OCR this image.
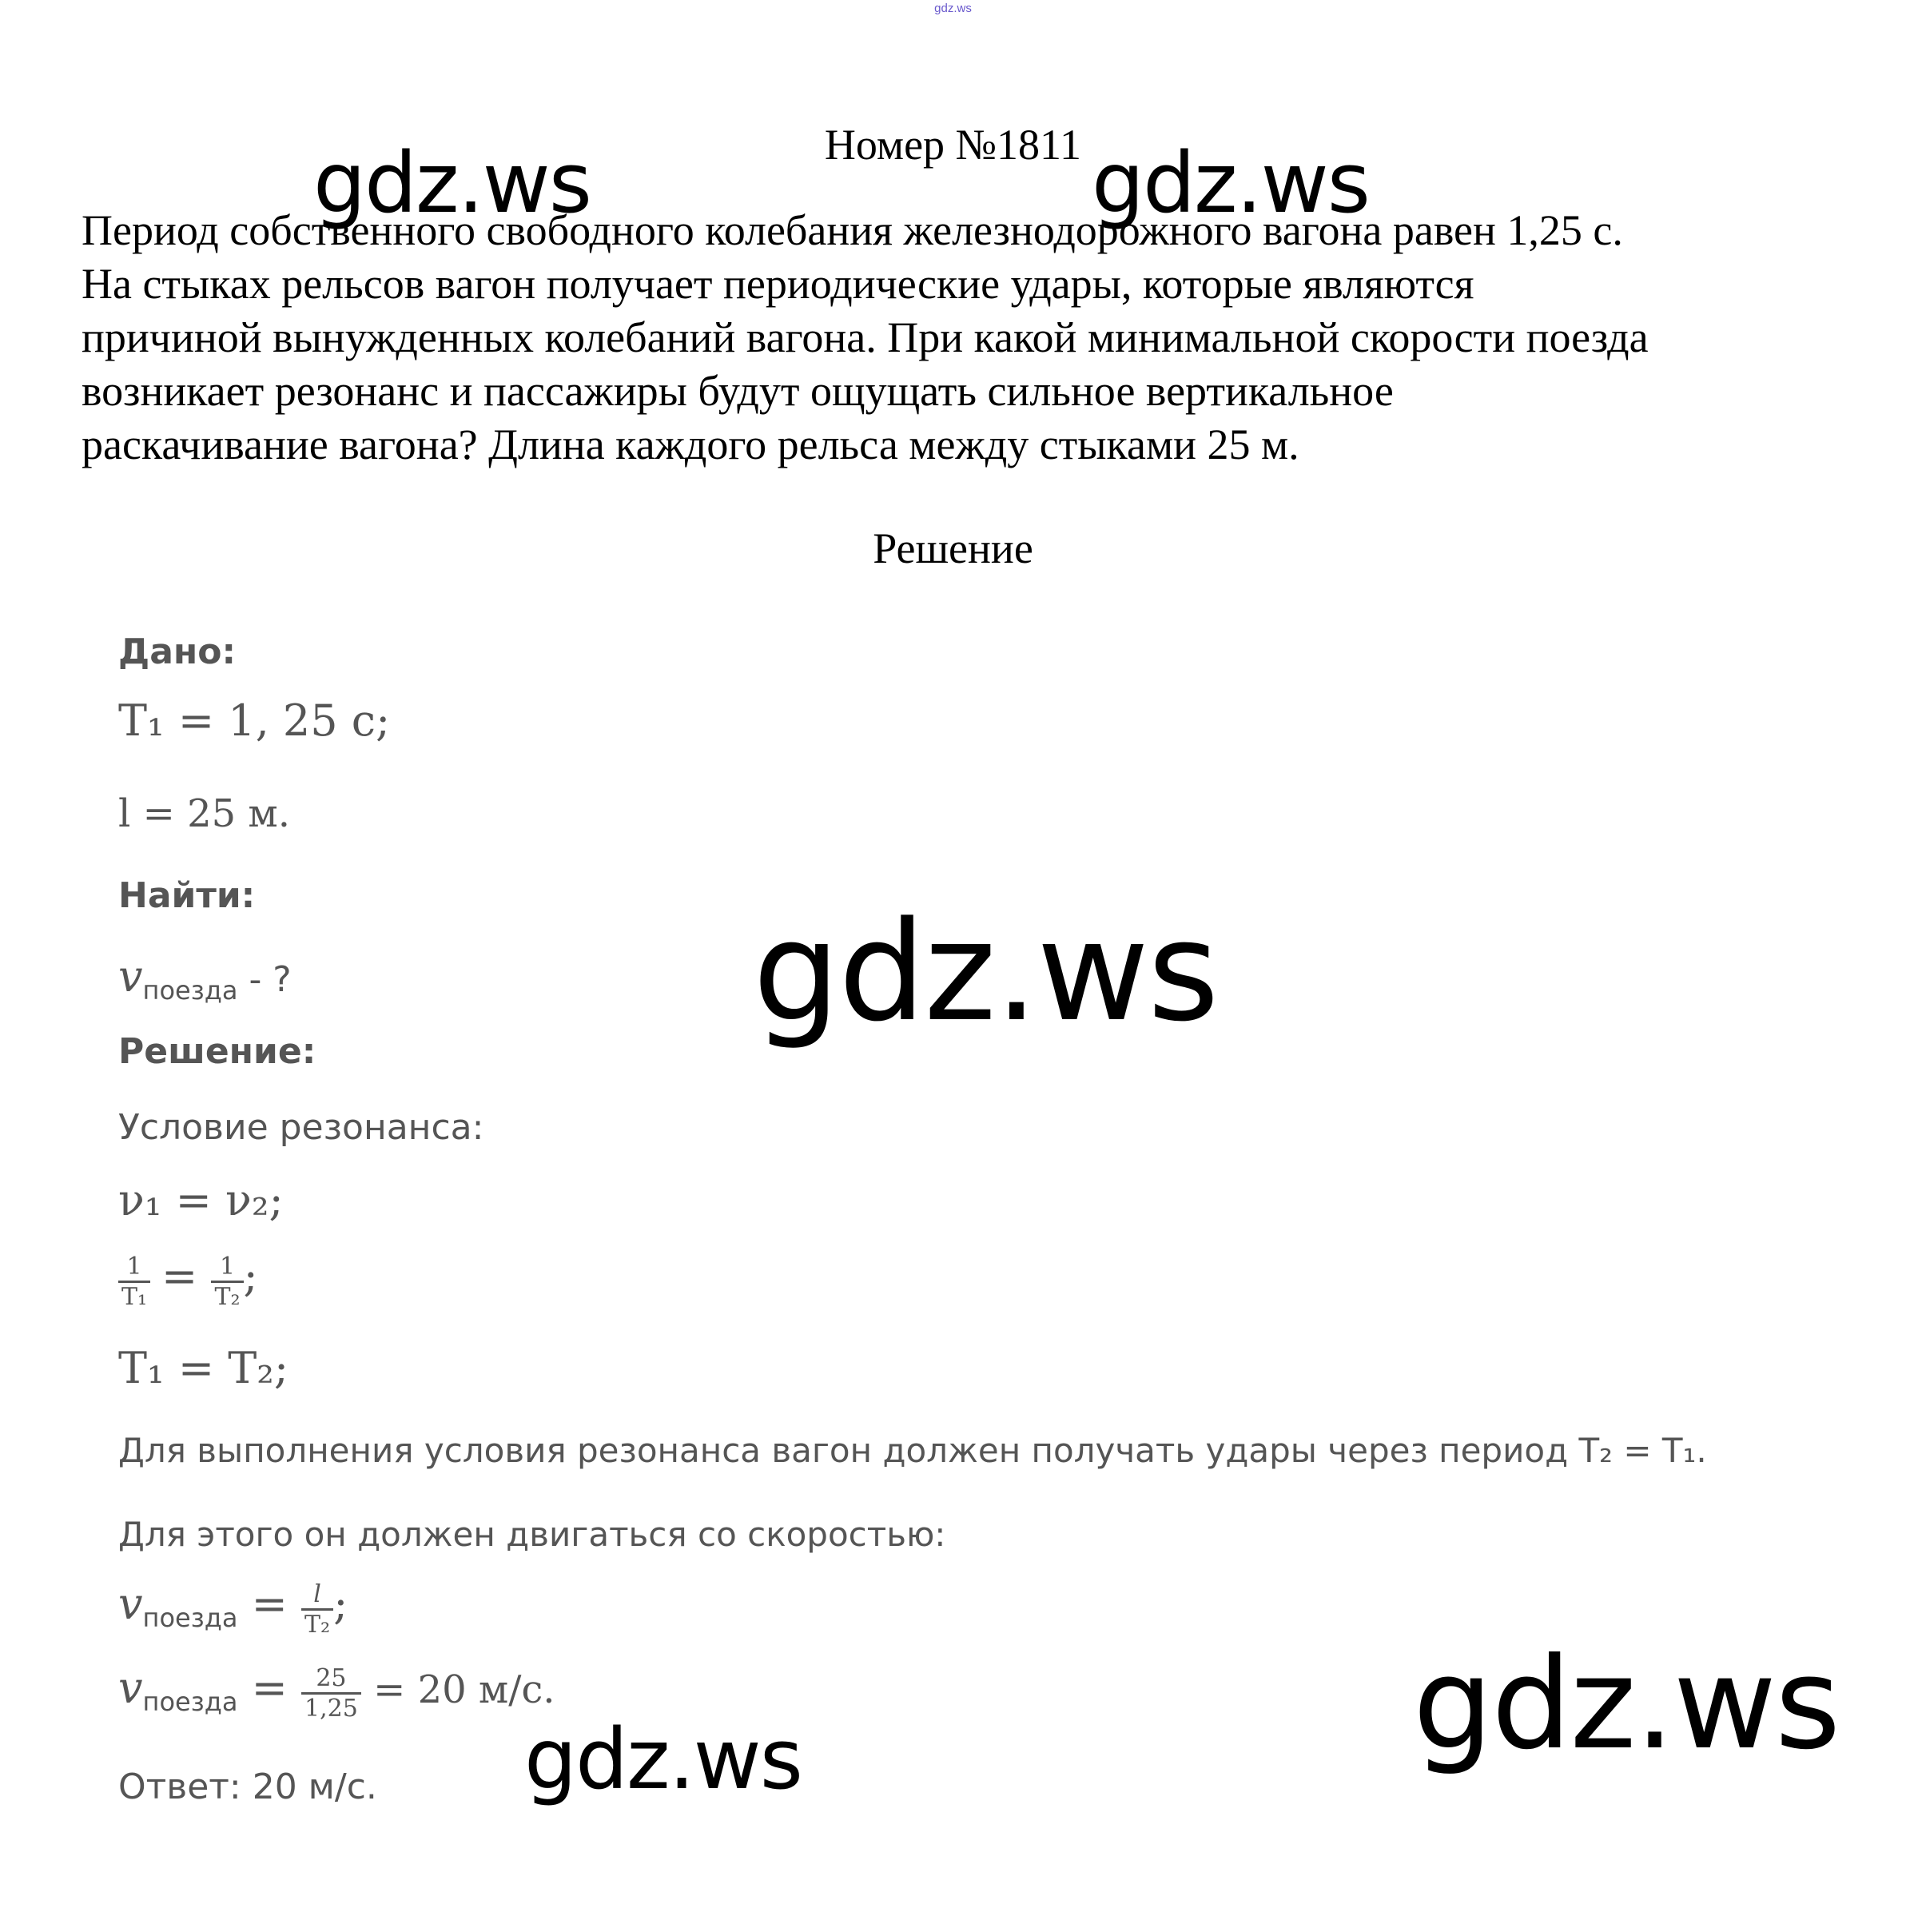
gdz.ws
Номер №1811
Период собственного свободного колебания железнодорожного вагона равен 1,25 с.
На стыках рельсов вагон получает периодические удары, которые являются
причиной вынужденных колебаний вагона. При какой минимальной скорости поезда
возникает резонанс и пассажиры будут ощущать сильное вертикальное
раскачивание вагона? Длина каждого рельса между стыками 25 м.
Решение
Дано:
T₁ = 1, 25 с;
l = 25 м.
Найти:
$v_{поезда}$ - ?
Решение:
Условие резонанса:
ν₁ = ν₂;
$\frac{1}{\text{T₁}} = \frac{1}{\text{T₂}}$ ;
T₁ = T₂;
Для выполнения условия резонанса вагон должен получать удары через период T₂ = T₁.
Для этого он должен двигаться со скоростью:
$v_{поезда} = \frac{l}{\text{T₂}}$ ;
$v_{поезда} = \frac{25}{1,25} = 20$ м/с.
Ответ: 20 м/с.
gdz.ws	gdz.ws
gdz.ws
gdz.ws
gdz.ws
